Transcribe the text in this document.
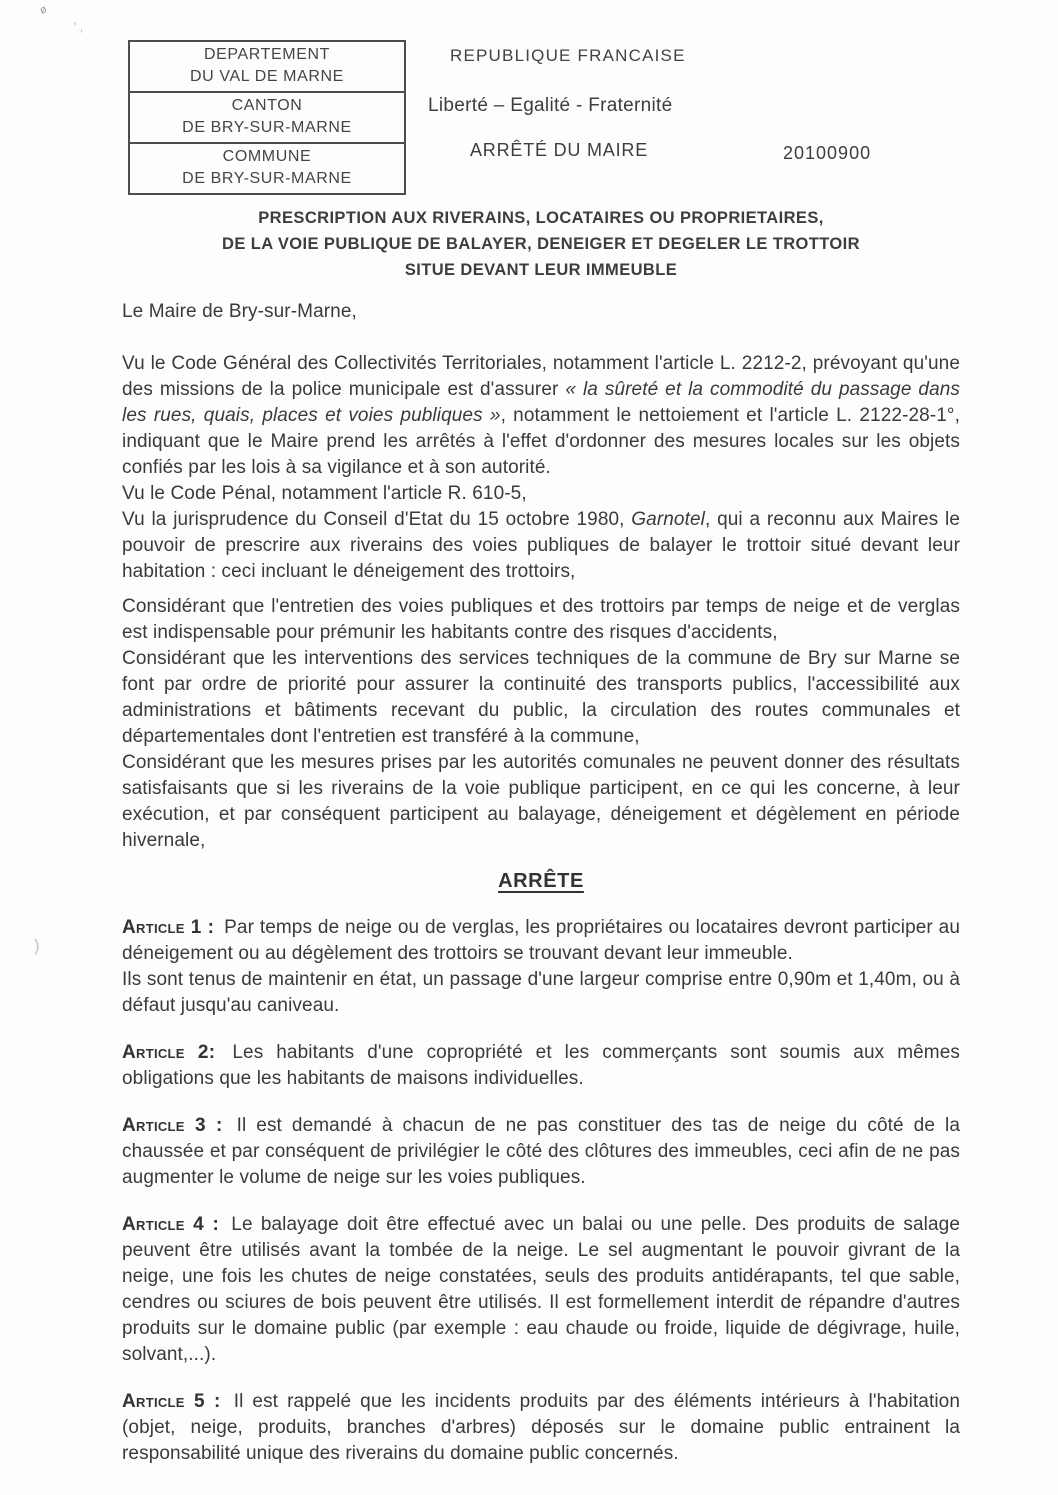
ø
' ,
)
DEPARTEMENT
DU VAL DE MARNE
CANTON
DE BRY-SUR-MARNE
COMMUNE
DE BRY-SUR-MARNE
REPUBLIQUE FRANCAISE
Liberté – Egalité - Fraternité
ARRÊTÉ DU MAIRE	20100900
PRESCRIPTION AUX RIVERAINS, LOCATAIRES OU PROPRIETAIRES,
DE LA VOIE PUBLIQUE DE BALAYER, DENEIGER ET DEGELER LE TROTTOIR
SITUE DEVANT LEUR IMMEUBLE

Le Maire de Bry-sur-Marne,

Vu le Code Général des Collectivités Territoriales, notamment l'article L. 2212-2, prévoyant qu'une des missions de la police municipale est d'assurer « la sûreté et la commodité du passage dans les rues, quais, places et voies publiques », notamment le nettoiement et l'article L. 2122-28-1°, indiquant que le Maire prend les arrêtés à l'effet d'ordonner des mesures locales sur les objets confiés par les lois à sa vigilance et à son autorité.

Vu le Code Pénal, notamment l'article R. 610-5,

Vu la jurisprudence du Conseil d'Etat du 15 octobre 1980, Garnotel, qui a reconnu aux Maires le pouvoir de prescrire aux riverains des voies publiques de balayer le trottoir situé devant leur habitation : ceci incluant le déneigement des trottoirs,

Considérant que l'entretien des voies publiques et des trottoirs par temps de neige et de verglas est indispensable pour prémunir les habitants contre des risques d'accidents,

Considérant que les interventions des services techniques de la commune de Bry sur Marne se font par ordre de priorité pour assurer la continuité des transports publics, l'accessibilité aux administrations et bâtiments recevant du public, la circulation des routes communales et départementales dont l'entretien est transféré à la commune,

Considérant que les mesures prises par les autorités comunales ne peuvent donner des résultats satisfaisants que si les riverains de la voie publique participent, en ce qui les concerne, à leur exécution, et par conséquent participent au balayage, déneigement et dégèlement en période hivernale,

ARRÊTE

Article 1 : Par temps de neige ou de verglas, les propriétaires ou locataires devront participer au déneigement ou au dégèlement des trottoirs se trouvant devant leur immeuble.

Ils sont tenus de maintenir en état, un passage d'une largeur comprise entre 0,90m et 1,40m, ou à défaut jusqu'au caniveau.

Article 2: Les habitants d'une copropriété et les commerçants sont soumis aux mêmes obligations que les habitants de maisons individuelles.

Article 3 : Il est demandé à chacun de ne pas constituer des tas de neige du côté de la chaussée et par conséquent de privilégier le côté des clôtures des immeubles, ceci afin de ne pas augmenter le volume de neige sur les voies publiques.

Article 4 : Le balayage doit être effectué avec un balai ou une pelle. Des produits de salage peuvent être utilisés avant la tombée de la neige. Le sel augmentant le pouvoir givrant de la neige, une fois les chutes de neige constatées, seuls des produits antidérapants, tel que sable, cendres ou sciures de bois peuvent être utilisés. Il est formellement interdit de répandre d'autres produits sur le domaine public (par exemple : eau chaude ou froide, liquide de dégivrage, huile, solvant,...).

Article 5 : Il est rappelé que les incidents produits par des éléments intérieurs à l'habitation (objet, neige, produits, branches d'arbres) déposés sur le domaine public entrainent la responsabilité unique des riverains du domaine public concernés.
